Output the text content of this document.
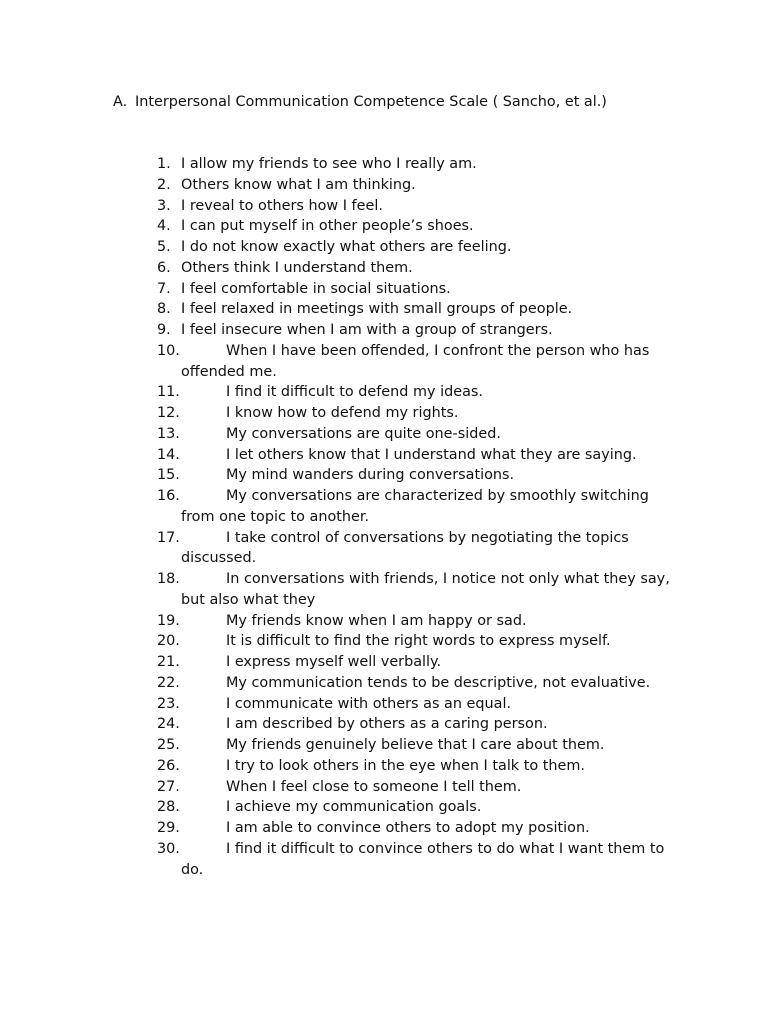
A. Interpersonal Communication Competence Scale ( Sancho, et al.)
1. I allow my friends to see who I really am.
2. Others know what I am thinking.
3. I reveal to others how I feel.
4. I can put myself in other people’s shoes.
5. I do not know exactly what others are feeling.
6. Others think I understand them.
7. I feel comfortable in social situations.
8. I feel relaxed in meetings with small groups of people.
9. I feel insecure when I am with a group of strangers.
10.	When I have been offended, I confront the person who has offended me.
11.	I find it difficult to defend my ideas.
12.	I know how to defend my rights.
13.	My conversations are quite one-sided.
14.	I let others know that I understand what they are saying.
15.	My mind wanders during conversations.
16.	My conversations are characterized by smoothly switching from one topic to another.
17.	I take control of conversations by negotiating the topics discussed.
18.	In conversations with friends, I notice not only what they say, but also what they
19.	My friends know when I am happy or sad.
20.	It is difficult to find the right words to express myself.
21.	I express myself well verbally.
22.	My communication tends to be descriptive, not evaluative.
23.	I communicate with others as an equal.
24.	I am described by others as a caring person.
25.	My friends genuinely believe that I care about them.
26.	I try to look others in the eye when I talk to them.
27.	When I feel close to someone I tell them.
28.	I achieve my communication goals.
29.	I am able to convince others to adopt my position.
30.	I find it difficult to convince others to do what I want them to do.
